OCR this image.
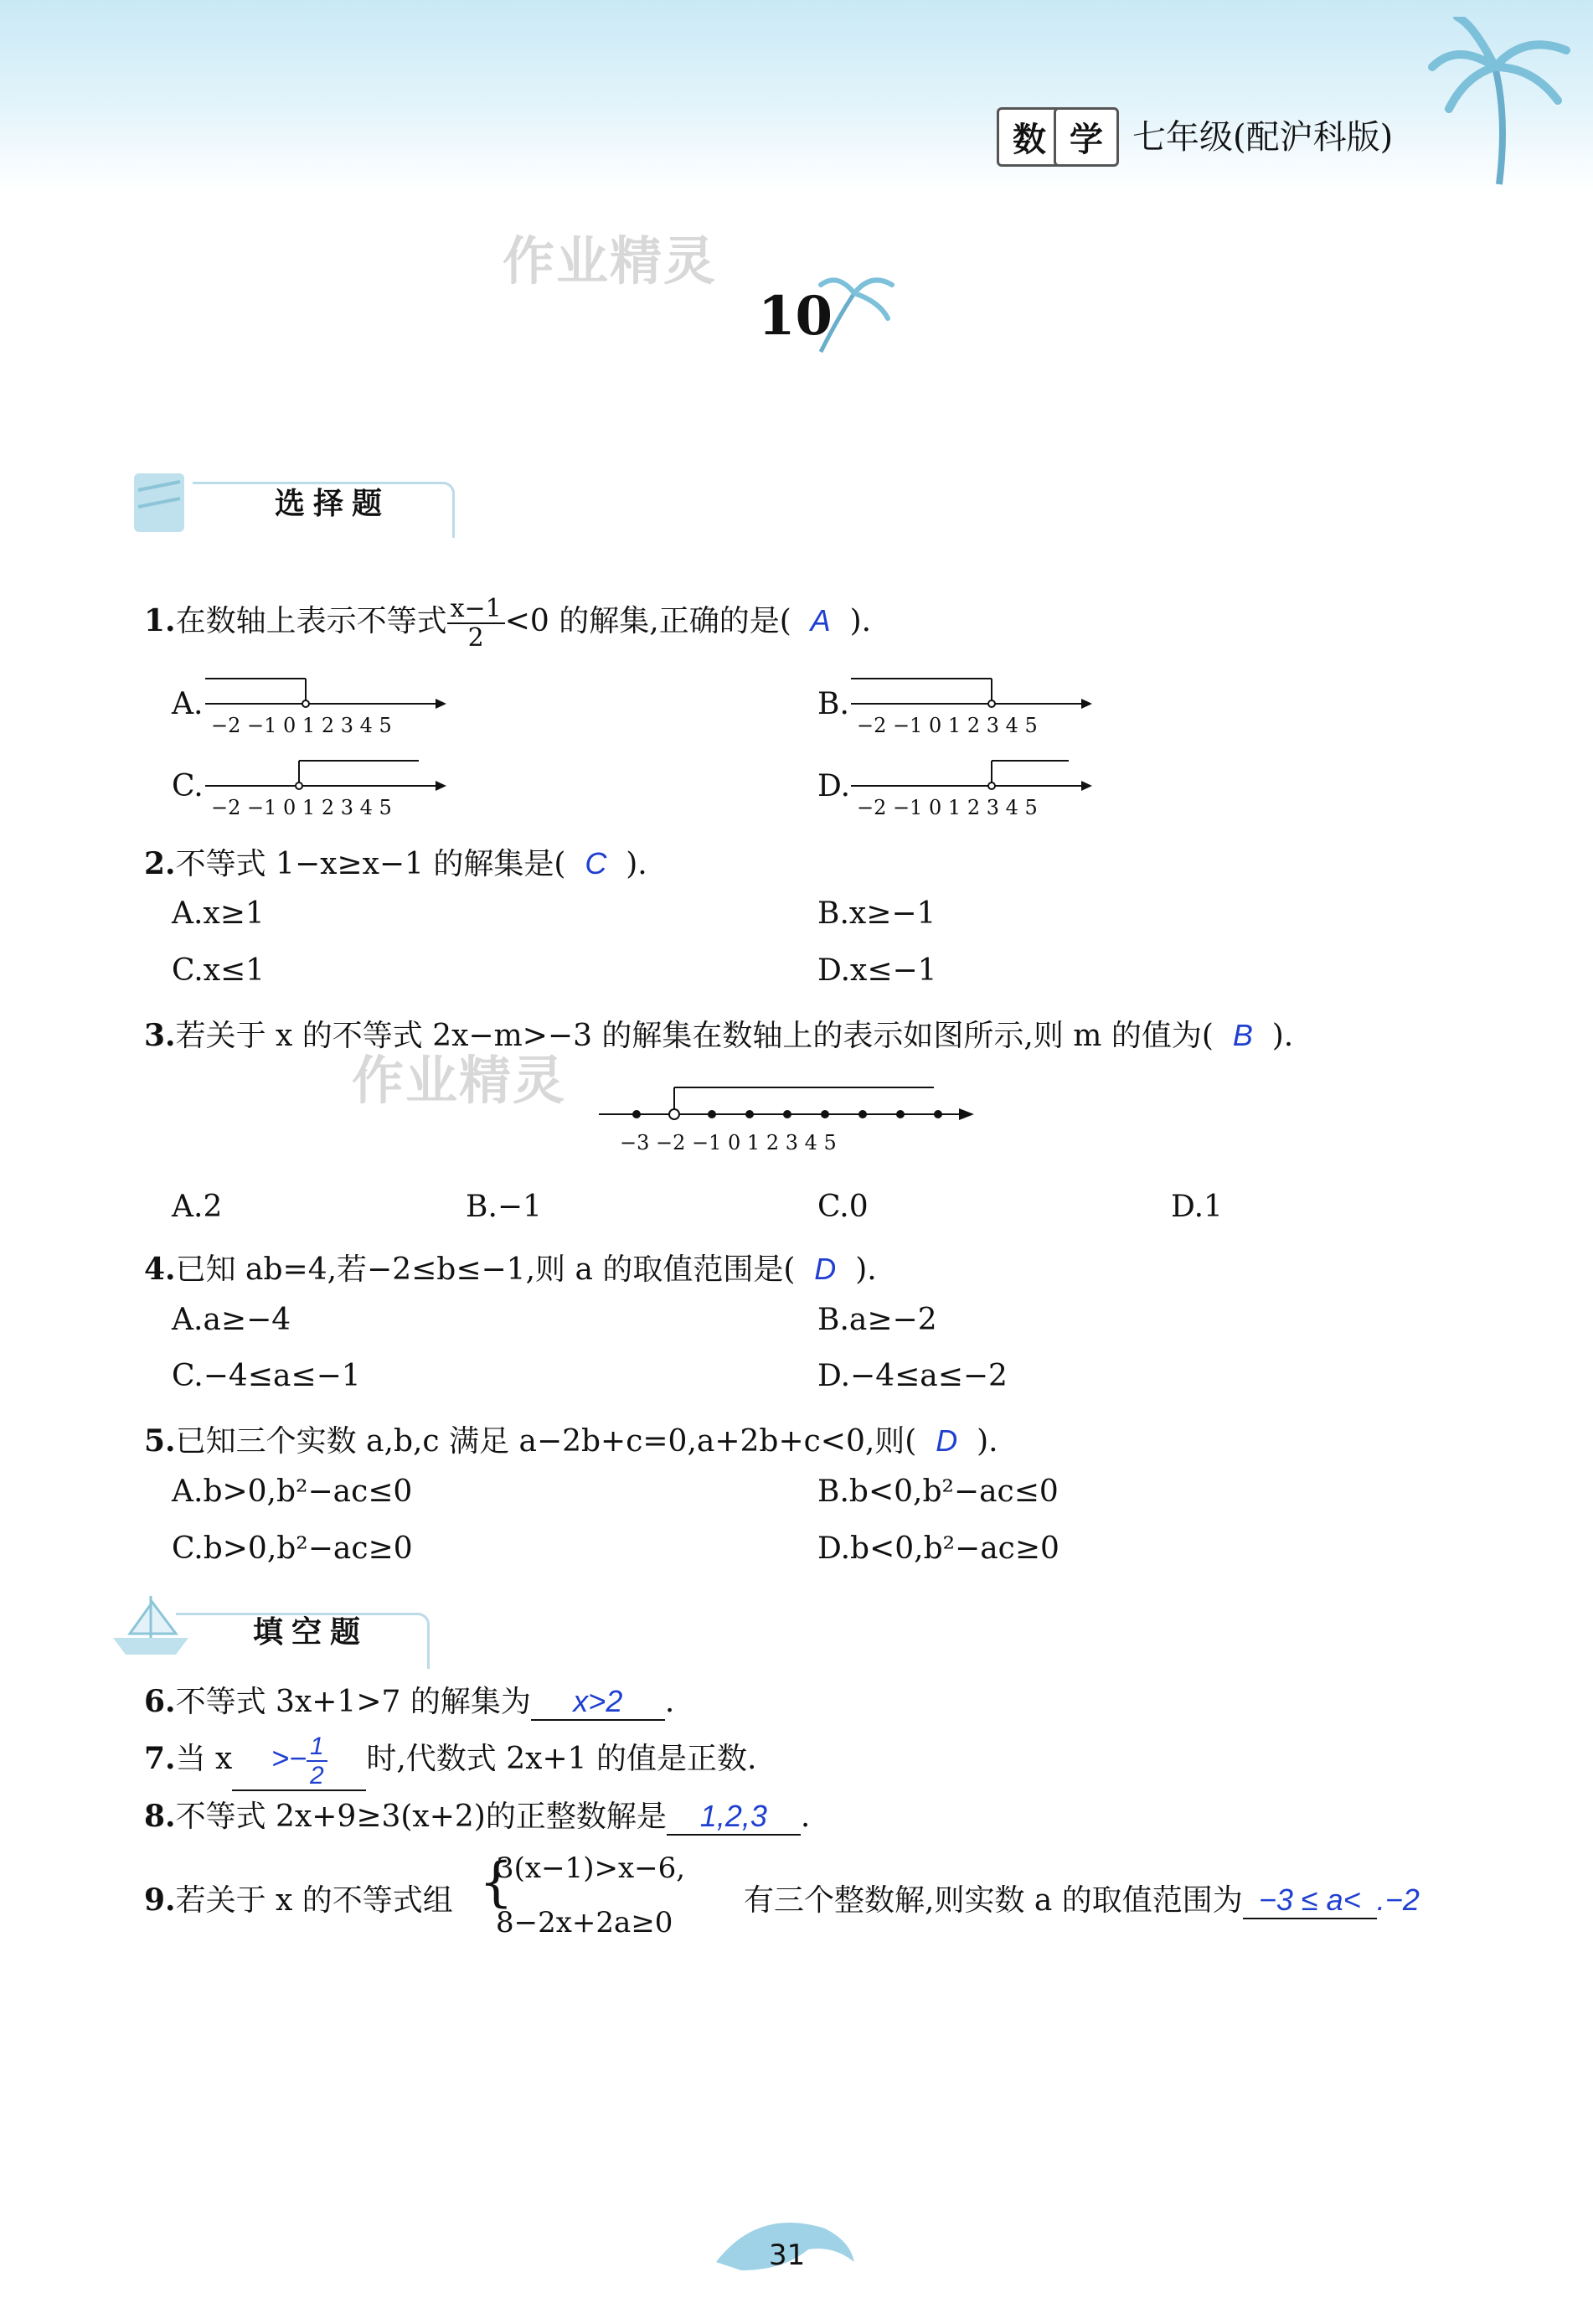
数 学 七年级(配沪科版)
作业精灵
作业精灵
10
选择题
1.在数轴上表示不等式 $\frac{x-1}{2}<0$ 的解集,正确的是( A ).
A.
−2 −1 0 1 2 3 4 5
B.
−2 −1 0 1 2 3 4 5
C.
−2 −1 0 1 2 3 4 5
D.
−2 −1 0 1 2 3 4 5
2.不等式 1−x≥x−1 的解集是( C ).
A.x≥1	B.x≥−1
C.x≤1	D.x≤−1
3.若关于 x 的不等式 2x−m>−3 的解集在数轴上的表示如图所示,则 m 的值为( B ).
−3 −2 −1 0 1 2 3 4 5
A.2	B.−1	C.0	D.1
4.已知 ab=4,若−2≤b≤−1,则 a 的取值范围是( D ).
A.a≥−4	B.a≥−2
C.−4≤a≤−1	D.−4≤a≤−2
5.已知三个实数 a,b,c 满足 a−2b+c=0,a+2b+c<0,则( D ).
A.b>0,b²−ac≤0	B.b<0,b²−ac≤0
C.b>0,b²−ac≥0	D.b<0,b²−ac≥0
填空题
6.不等式 3x+1>7 的解集为 x>2 .
7.当 $x >- \frac{1}{2}$ 时,代数式 2x+1 的值是正数.
8.不等式 2x+9≥3(x+2)的正整数解是 1,2,3 .
9.若关于 x 的不等式组 {
3(x−1)>x−6,
8−2x+2a≥0
有三个整数解,则实数 a 的取值范围为 −3 ≤ a< .−2
31
